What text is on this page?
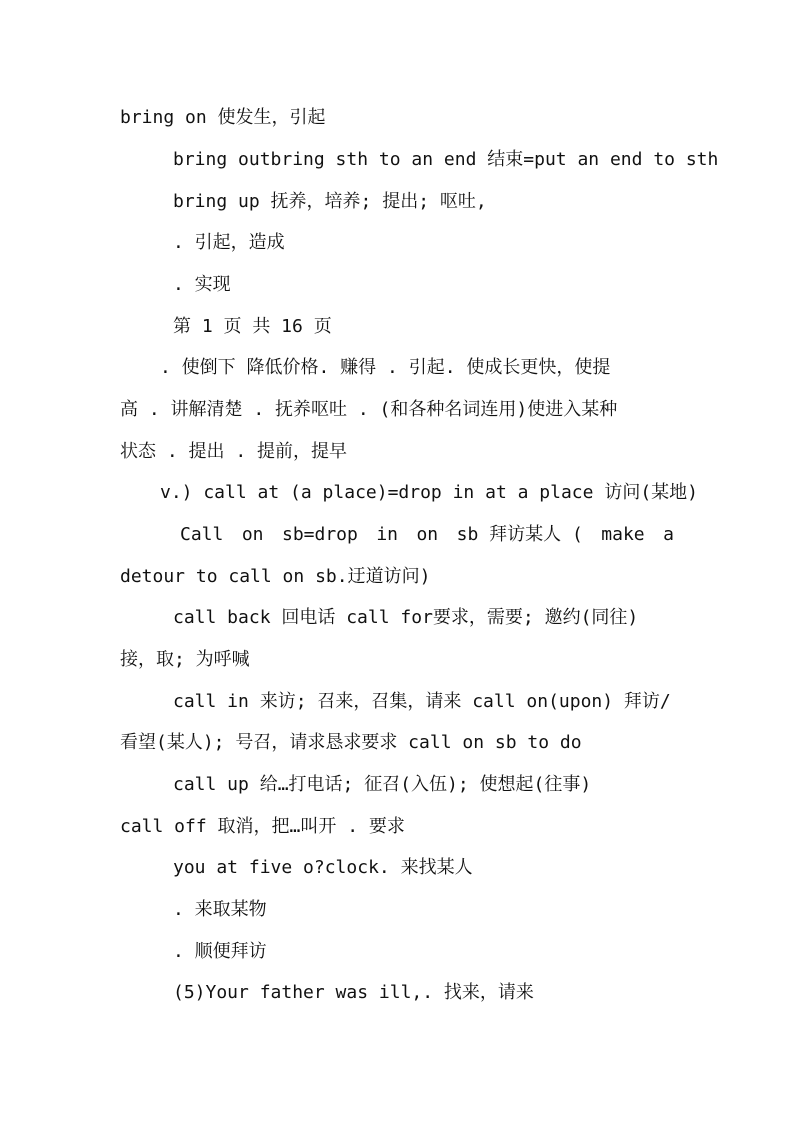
bring on 使发生，引起
bring outbring sth to an end 结束=put an end to sth
bring up 抚养，培养; 提出; 呕吐,
. 引起，造成
. 实现
第 1 页 共 16 页
. 使倒下 降低价格. 赚得 . 引起. 使成长更快，使提
高 . 讲解清楚 . 抚养呕吐 . (和各种名词连用)使进入某种
状态 . 提出 . 提前，提早
v.) call at (a place)=drop in at a place 访问(某地)
Call on sb=drop in on sb 拜访某人 ( make a
detour to call on sb.迂道访问)
call back 回电话 call for要求，需要; 邀约(同往)
接，取; 为呼喊
call in 来访; 召来，召集，请来 call on(upon) 拜访/
看望(某人); 号召，请求恳求要求 call on sb to do
call up 给…打电话; 征召(入伍); 使想起(往事)
call off 取消，把…叫开 . 要求
you at five o?clock. 来找某人
. 来取某物
. 顺便拜访
(5)Your father was ill,. 找来，请来
